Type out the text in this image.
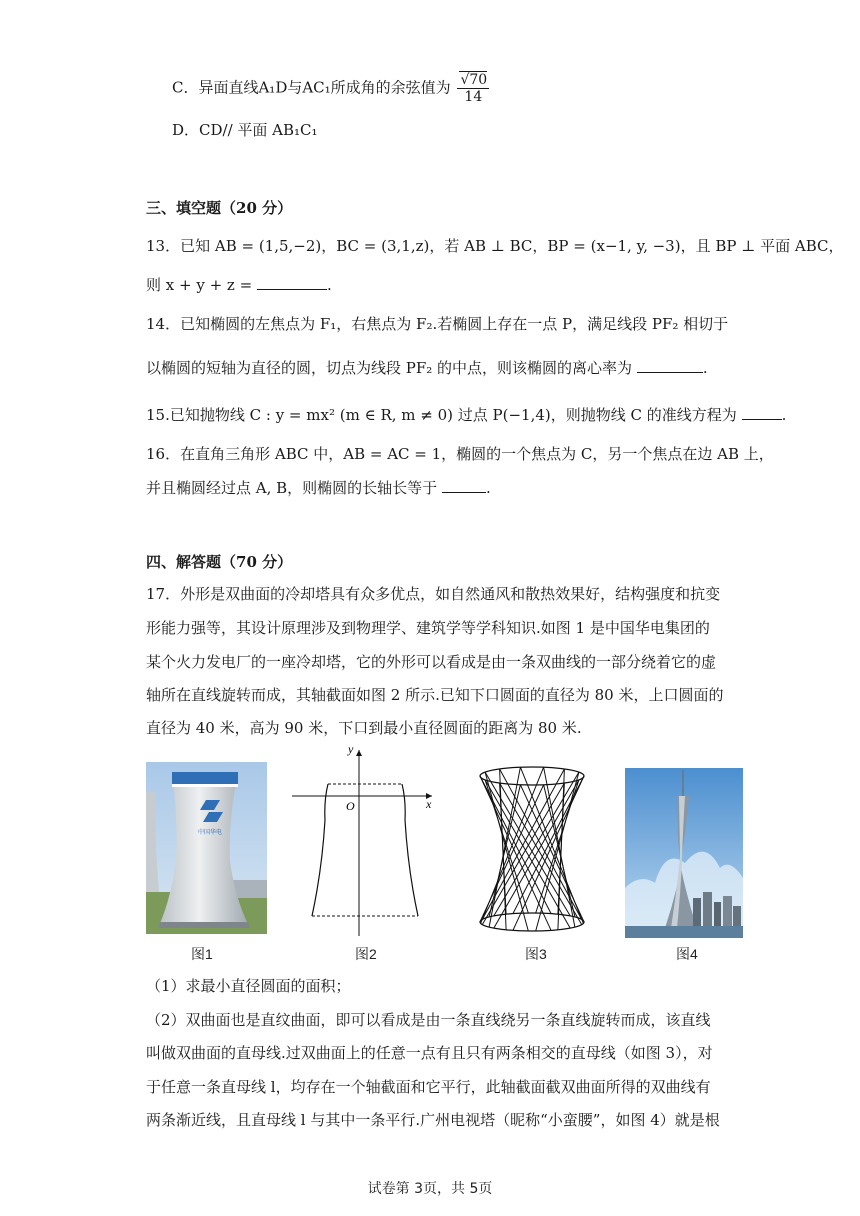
C．异面直线A₁D与AC₁所成角的余弦值为 $\frac{√70}{14}$
D．CD// 平面 AB₁C₁
三、填空题（20 分）
13．已知 AB = (1,5,−2)，BC = (3,1,z)，若 AB ⊥ BC，BP = (x−1, y, −3)，且 BP ⊥ 平面 ABC，
则 x + y + z =	.
14．已知椭圆的左焦点为 F₁，右焦点为 F₂.若椭圆上存在一点 P，满足线段 PF₂ 相切于
以椭圆的短轴为直径的圆，切点为线段 PF₂ 的中点，则该椭圆的离心率为	.
15.已知抛物线 C : y = mx² (m ∈ R, m ≠ 0) 过点 P(−1,4)，则抛物线 C 的准线方程为	.
16．在直角三角形 ABC 中，AB = AC = 1，椭圆的一个焦点为 C，另一个焦点在边 AB 上，
并且椭圆经过点 A, B，则椭圆的长轴长等于	.
四、解答题（70 分）
17．外形是双曲面的冷却塔具有众多优点，如自然通风和散热效果好，结构强度和抗变
形能力强等，其设计原理涉及到物理学、建筑学等学科知识.如图 1 是中国华电集团的
某个火力发电厂的一座冷却塔，它的外形可以看成是由一条双曲线的一部分绕着它的虚
轴所在直线旋转而成，其轴截面如图 2 所示.已知下口圆面的直径为 80 米，上口圆面的
直径为 40 米，高为 90 米，下口到最小直径圆面的距离为 80 米.
中国华电
图1
y
x
O
图2	图3	图4
（1）求最小直径圆面的面积；
（2）双曲面也是直纹曲面，即可以看成是由一条直线绕另一条直线旋转而成，该直线
叫做双曲面的直母线.过双曲面上的任意一点有且只有两条相交的直母线（如图 3），对
于任意一条直母线 l，均存在一个轴截面和它平行，此轴截面截双曲面所得的双曲线有
两条渐近线，且直母线 l 与其中一条平行.广州电视塔（昵称“小蛮腰”，如图 4）就是根
试卷第 3页，共 5页
